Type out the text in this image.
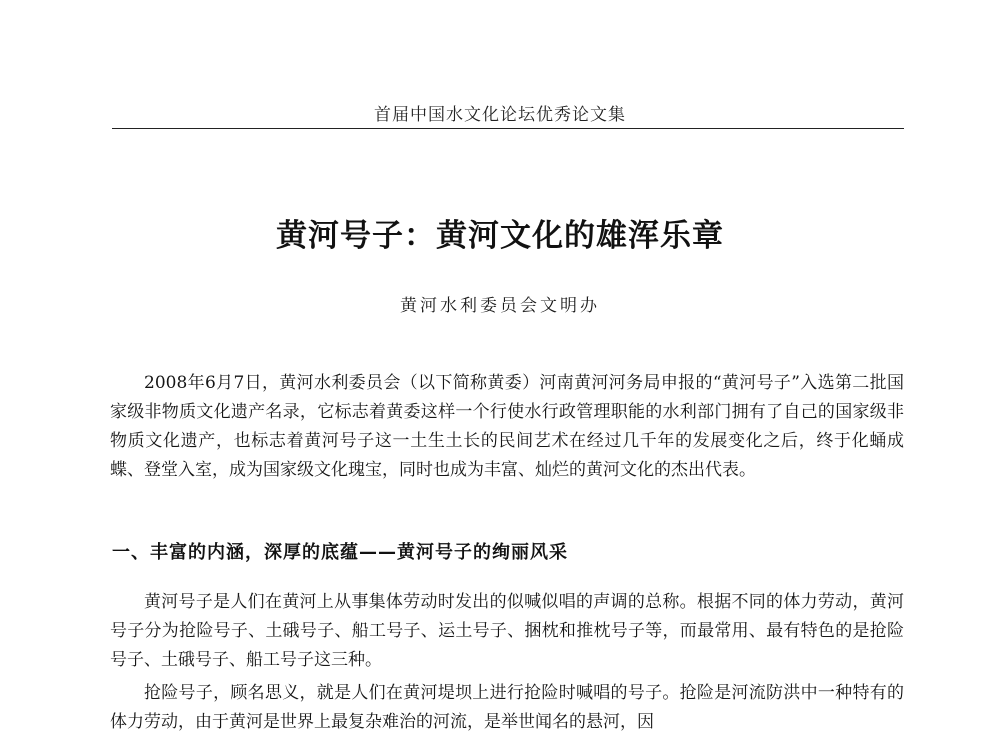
首届中国水文化论坛优秀论文集
黄河号子：黄河文化的雄浑乐章
黄河水利委员会文明办

2008年6月7日，黄河水利委员会（以下简称黄委）河南黄河河务局申报的“黄河号子”入选第二批国家级非物质文化遗产名录，它标志着黄委这样一个行使水行政管理职能的水利部门拥有了自己的国家级非物质文化遗产，也标志着黄河号子这一土生土长的民间艺术在经过几千年的发展变化之后，终于化蛹成蝶、登堂入室，成为国家级文化瑰宝，同时也成为丰富、灿烂的黄河文化的杰出代表。

一、丰富的内涵，深厚的底蕴——黄河号子的绚丽风采

黄河号子是人们在黄河上从事集体劳动时发出的似喊似唱的声调的总称。根据不同的体力劳动，黄河号子分为抢险号子、土硪号子、船工号子、运土号子、捆枕和推枕号子等，而最常用、最有特色的是抢险号子、土硪号子、船工号子这三种。

抢险号子，顾名思义，就是人们在黄河堤坝上进行抢险时喊唱的号子。抢险是河流防洪中一种特有的体力劳动，由于黄河是世界上最复杂难治的河流，是举世闻名的悬河，因
